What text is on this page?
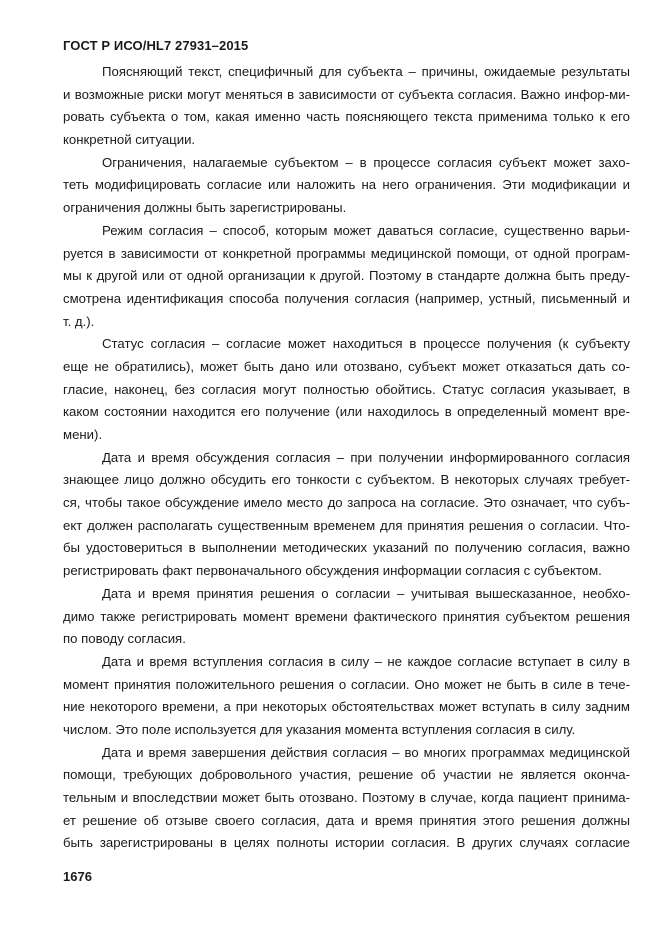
ГОСТ Р ИСО/HL7 27931–2015
Поясняющий текст, специфичный для субъекта – причины, ожидаемые результаты
и возможные риски могут меняться в зависимости от субъекта согласия. Важно инфор-ми-
ровать субъекта о том, какая именно часть поясняющего текста применима только к его
конкретной ситуации.
Ограничения, налагаемые субъектом – в процессе согласия субъект может захо-
теть модифицировать согласие или наложить на него ограничения. Эти модификации и
ограничения должны быть зарегистрированы.
Режим согласия – способ, которым может даваться согласие, существенно варьи-
руется в зависимости от конкретной программы медицинской помощи, от одной програм-
мы к другой или от одной организации к другой. Поэтому в стандарте должна быть преду-
смотрена идентификация способа получения согласия (например, устный, письменный и
т. д.).
Статус согласия – согласие может находиться в процессе получения (к субъекту
еще не обратились), может быть дано или отозвано, субъект может отказаться дать со-
гласие, наконец, без согласия могут полностью обойтись. Статус согласия указывает, в
каком состоянии находится его получение (или находилось в определенный момент вре-
мени).
Дата и время обсуждения согласия – при получении информированного согласия
знающее лицо должно обсудить его тонкости с субъектом. В некоторых случаях требует-
ся, чтобы такое обсуждение имело место до запроса на согласие. Это означает, что субъ-
ект должен располагать существенным временем для принятия решения о согласии. Что-
бы удостовериться в выполнении методических указаний по получению согласия, важно
регистрировать факт первоначального обсуждения информации согласия с субъектом.
Дата и время принятия решения о согласии – учитывая вышесказанное, необхо-
димо также регистрировать момент времени фактического принятия субъектом решения
по поводу согласия.
Дата и время вступления согласия в силу – не каждое согласие вступает в силу в
момент принятия положительного решения о согласии. Оно может не быть в силе в тече-
ние некоторого времени, а при некоторых обстоятельствах может вступать в силу задним
числом. Это поле используется для указания момента вступления согласия в силу.
Дата и время завершения действия согласия – во многих программах медицинской
помощи, требующих добровольного участия, решение об участии не является оконча-
тельным и впоследствии может быть отозвано. Поэтому в случае, когда пациент принима-
ет решение об отзыве своего согласия, дата и время принятия этого решения должны
быть зарегистрированы в целях полноты истории согласия. В других случаях согласие
1676
